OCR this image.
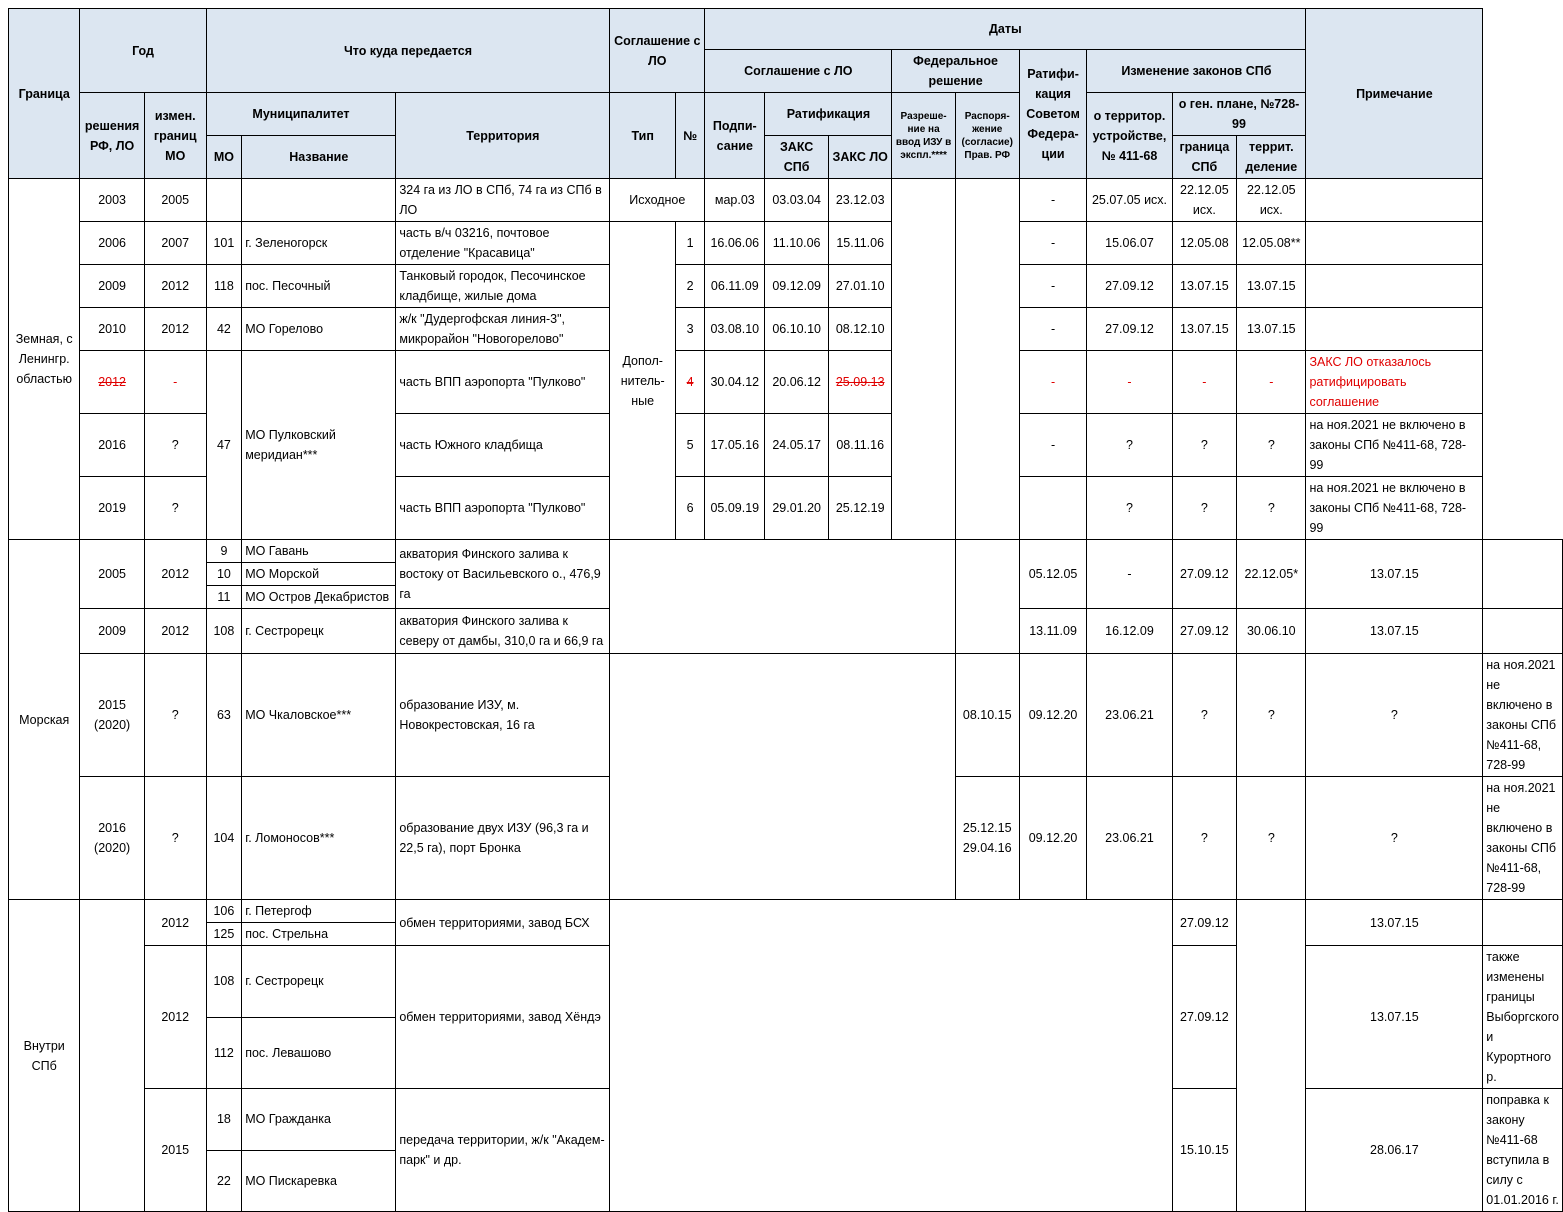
Граница	Год		Что куда передается			Соглашение с ЛО		Даты									Примечание	
								Соглашение с ЛО			Федеральное решение		Ратифи-кация Советом Федера-ции	Изменение законов СПб				
	решения РФ, ЛО	измен. границ МО	Муниципалитет		Территория	Тип	№	Подпи-сание	Ратификация		Разреше-ние на ввод ИЗУ в экспл.****	Распоря-жение (согласие) Прав. РФ		о территор. устройстве, № 411-68	о ген. плане, №728-99			
			МО	Название					ЗАКС СПб	ЗАКС ЛО					граница СПб	террит. деление		
Земная, с Ленингр. областью	2003	2005			324 га из ЛО в СПб, 74 га из СПб в ЛО	Исходное		мар.03	03.03.04	23.12.03			-	25.07.05 исх.	22.12.05 исх.	22.12.05 исх.		
	2006	2007	101	г. Зеленогорск	часть в/ч 03216, почтовое отделение "Красавица"	Допол-нитель-ные	1	16.06.06	11.10.06	15.11.06			-	15.06.07	12.05.08	12.05.08**		
	2009	2012	118	пос. Песочный	Танковый городок, Песочинское кладбище, жилые дома		2	06.11.09	09.12.09	27.01.10			-	27.09.12	13.07.15	13.07.15		
	2010	2012	42	МО Горелово	ж/к "Дудергофская линия-3", микрорайон "Новогорелово"		3	03.08.10	06.10.10	08.12.10			-	27.09.12	13.07.15	13.07.15		
	2012	-	47	МО Пулковский меридиан***	часть ВПП аэропорта "Пулково"		4	30.04.12	20.06.12	25.09.13			-	-	-	-	ЗАКС ЛО отказалось ратифицировать соглашение	
	2016	?			часть Южного кладбища		5	17.05.16	24.05.17	08.11.16			-	?	?	?	на ноя.2021 не включено в законы СПб №411-68, 728-99	
	2019	?			часть ВПП аэропорта "Пулково"		6	05.09.19	29.01.20	25.12.19				?	?	?	на ноя.2021 не включено в законы СПб №411-68, 728-99	
Морская	2005	2012	9	МО Гавань	акватория Финского залива к востоку от Васильевского о., 476,9 га								05.12.05	-	27.09.12	22.12.05*	13.07.15	
			10	МО Морской														
			11	МО Остров Декабристов														
	2009	2012	108	г. Сестрорецк	акватория Финского залива к северу от дамбы, 310,0 га и 66,9 га								13.11.09	16.12.09	27.09.12	30.06.10	13.07.15	
	2015 (2020)	?	63	МО Чкаловское***	образование ИЗУ, м. Новокрестовская, 16 га							08.10.15	09.12.20	23.06.21	?	?	?	на ноя.2021 не включено в законы СПб №411-68, 728-99
	2016 (2020)	?	104	г. Ломоносов***	образование двух ИЗУ (96,3 га и 22,5 га), порт Бронка							25.12.15 29.04.16	09.12.20	23.06.21	?	?	?	на ноя.2021 не включено в законы СПб №411-68, 728-99
Внутри СПб		2012	106	г. Петергоф	обмен территориями, завод БСХ										27.09.12		13.07.15	
			125	пос. Стрельна														
		2012	108	г. Сестрорецк	обмен территориями, завод Хёндэ										27.09.12		13.07.15	также изменены границы Выборгского и Курортного р.
			112	пос. Левашово														
		2015	18	МО Гражданка	передача территории, ж/к "Академ-парк" и др.										15.10.15		28.06.17	поправка к закону №411-68 вступила в силу с 01.01.2016 г.
			22	МО Пискаревка														
